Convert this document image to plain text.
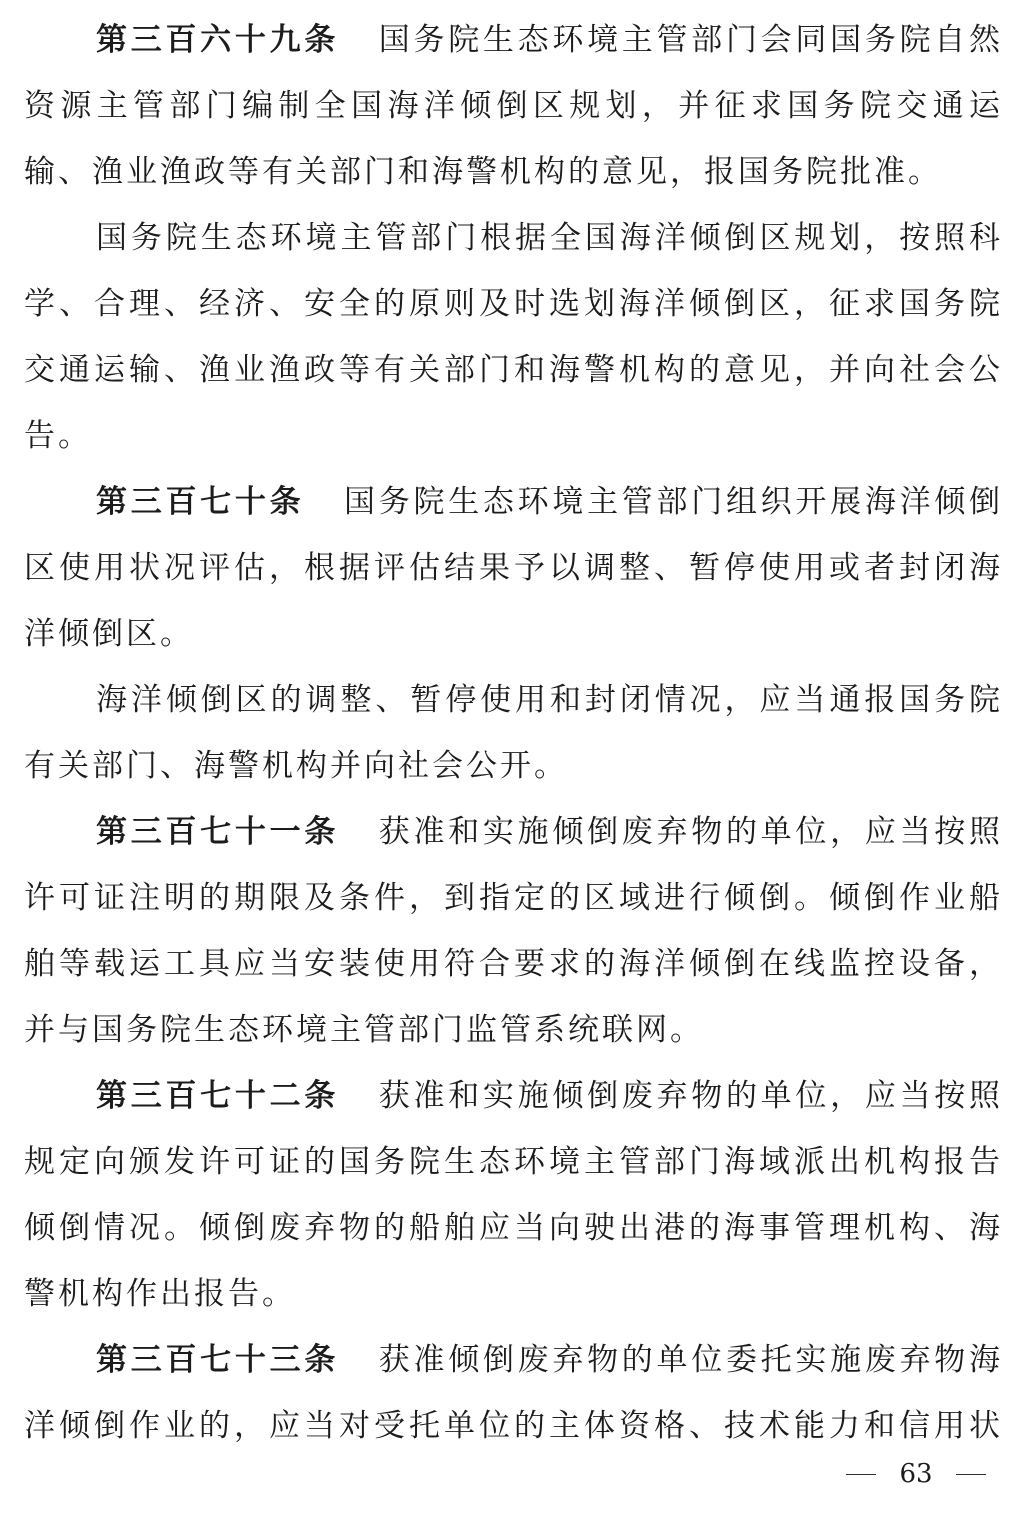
第三百六十九条 国务院生态环境主管部门会同国务院自然
资源主管部门编制全国海洋倾倒区规划，并征求国务院交通运
输、渔业渔政等有关部门和海警机构的意见，报国务院批准。
国务院生态环境主管部门根据全国海洋倾倒区规划，按照科
学、合理、经济、安全的原则及时选划海洋倾倒区，征求国务院
交通运输、渔业渔政等有关部门和海警机构的意见，并向社会公
告。
第三百七十条 国务院生态环境主管部门组织开展海洋倾倒
区使用状况评估，根据评估结果予以调整、暂停使用或者封闭海
洋倾倒区。
海洋倾倒区的调整、暂停使用和封闭情况，应当通报国务院
有关部门、海警机构并向社会公开。
第三百七十一条 获准和实施倾倒废弃物的单位，应当按照
许可证注明的期限及条件，到指定的区域进行倾倒。倾倒作业船
舶等载运工具应当安装使用符合要求的海洋倾倒在线监控设备，
并与国务院生态环境主管部门监管系统联网。
第三百七十二条 获准和实施倾倒废弃物的单位，应当按照
规定向颁发许可证的国务院生态环境主管部门海域派出机构报告
倾倒情况。倾倒废弃物的船舶应当向驶出港的海事管理机构、海
警机构作出报告。
第三百七十三条 获准倾倒废弃物的单位委托实施废弃物海
洋倾倒作业的，应当对受托单位的主体资格、技术能力和信用状
63
